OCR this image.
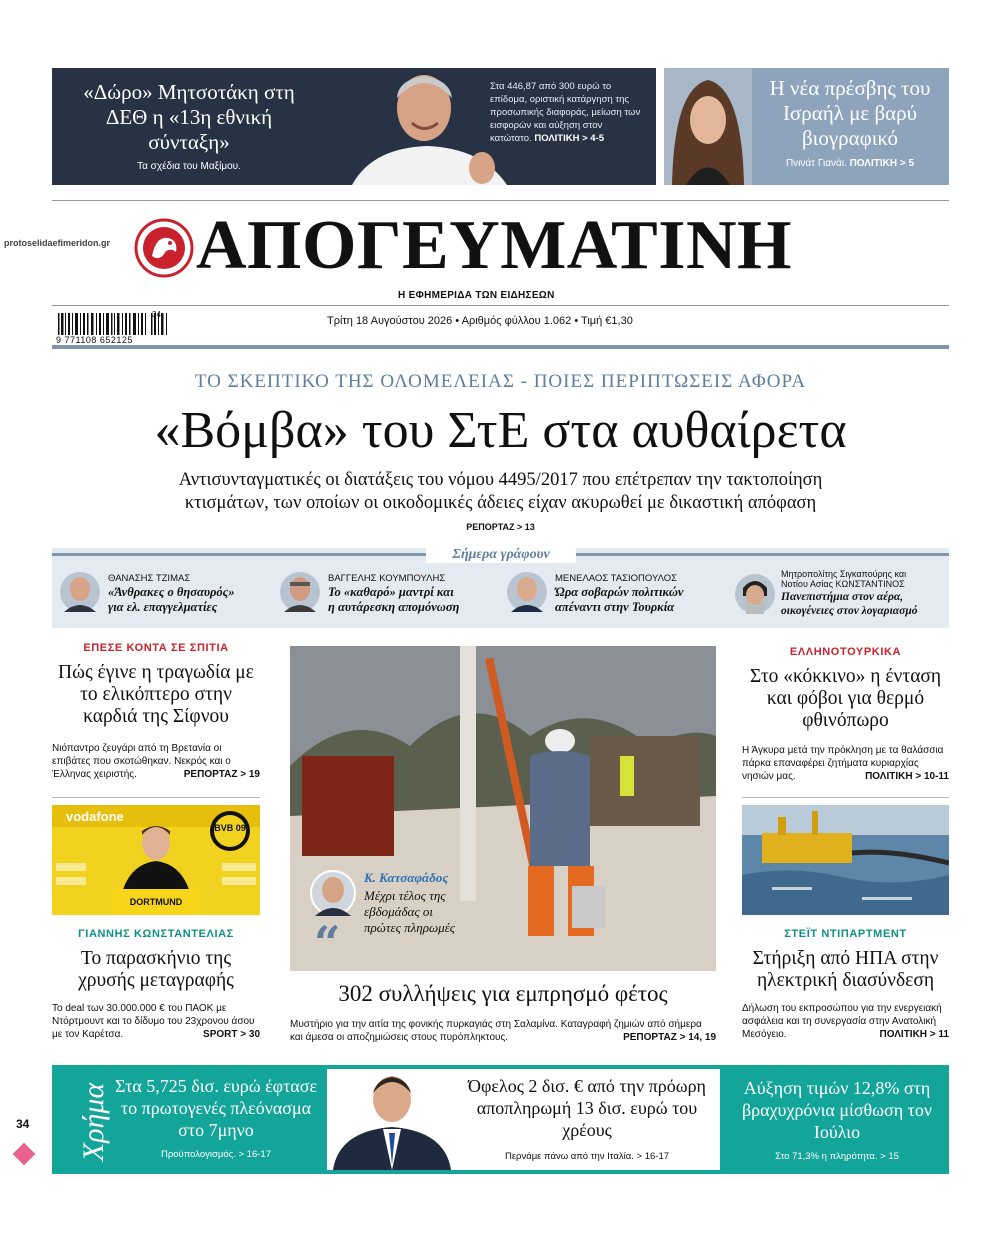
protoselidaefimeridon.gr
34
«Δώρο» Μητσοτάκη στη ΔΕΘ η «13η εθνική σύνταξη»
Τα σχέδια του Μαξίμου.
Στα 446,87 από 300 ευρώ το επίδομα, οριστική κατάργηση της προσωπικής διαφοράς, μείωση των εισφορών και αύξηση στον κατώτατο. ΠΟΛΙΤΙΚΗ > 4-5
Η νέα πρέσβης του Ισραήλ με βαρύ βιογραφικό
Πνινάτ Γιανάι. ΠΟΛΙΤΙΚΗ > 5
ΑΠΟΓΕΥΜΑΤΙΝΗ
Η ΕΦΗΜΕΡΙΔΑ ΤΩΝ ΕΙΔΗΣΕΩΝ
34
9 771108 652125
Τρίτη 18 Αυγούστου 2026 • Αριθμός φύλλου 1.062 • Τιμή €1,30
ΤΟ ΣΚΕΠΤΙΚΟ ΤΗΣ ΟΛΟΜΕΛΕΙΑΣ - ΠΟΙΕΣ ΠΕΡΙΠΤΩΣΕΙΣ ΑΦΟΡΑ
«Βόμβα» του ΣτΕ στα αυθαίρετα
Αντισυνταγματικές οι διατάξεις του νόμου 4495/2017 που επέτρεπαν την τακτοποίηση
κτισμάτων, των οποίων οι οικοδομικές άδειες είχαν ακυρωθεί με δικαστική απόφαση
ΡΕΠΟΡΤΑΖ > 13
Σήμερα γράφουν
ΘΑΝΑΣΗΣ ΤΖΙΜΑΣ
«Άνθρακες ο θησαυρός»
για ελ. επαγγελματίες
ΒΑΓΓΕΛΗΣ ΚΟΥΜΠΟΥΛΗΣ
Το «καθαρό» μαντρί και
η αυτάρεσκη απομόνωση
ΜΕΝΕΛΑΟΣ ΤΑΣΙΟΠΟΥΛΟΣ
Ώρα σοβαρών πολιτικών
απέναντι στην Τουρκία
Μητροπολίτης Σιγκαπούρης και
Νοτίου Ασίας ΚΩΝΣΤΑΝΤΙΝΟΣ
Πανεπιστήμια στον αέρα,
οικογένειες στον λογαριασμό
ΕΠΕΣΕ ΚΟΝΤΑ ΣΕ ΣΠΙΤΙΑ
Πώς έγινε η τραγωδία με το ελικόπτερο στην καρδιά της Σίφνου
Νιόπαντρο ζευγάρι από τη Βρετανία οι επιβάτες που σκοτώθηκαν. Νεκρός και ο Έλληνας χειριστής.	ΡΕΠΟΡΤΑΖ > 19
vodafone
BVB 09
DORTMUND
ΓΙΑΝΝΗΣ ΚΩΝΣΤΑΝΤΕΛΙΑΣ
Το παρασκήνιο της χρυσής μεταγραφής
Το deal των 30.000.000 € του ΠΑΟΚ με Ντόρτμουντ και το δίδυμο του 23χρονου άσου με τον Καρέτσα.	SPORT > 30
“
Κ. Κατσαφάδος
Μέχρι τέλος της εβδομάδας οι πρώτες πληρωμές
302 συλλήψεις για εμπρησμό φέτος
Μυστήριο για την αιτία της φονικής πυρκαγιάς στη Σαλαμίνα. Καταγραφή ζημιών από σήμερα και άμεσα οι αποζημιώσεις στους πυρόπληκτους.	ΡΕΠΟΡΤΑΖ > 14, 19
ΕΛΛΗΝΟΤΟΥΡΚΙΚΑ
Στο «κόκκινο» η ένταση και φόβοι για θερμό φθινόπωρο
Η Άγκυρα μετά την πρόκληση με τα θαλάσσια πάρκα επαναφέρει ζητήματα κυριαρχίας νησιών μας.	ΠΟΛΙΤΙΚΗ > 10-11
ΣΤΕΪΤ ΝΤΙΠΑΡΤΜΕΝΤ
Στήριξη από ΗΠΑ στην ηλεκτρική διασύνδεση
Δήλωση του εκπροσώπου για την ενεργειακή ασφάλεια και τη συνεργασία στην Ανατολική Μεσόγειο.	ΠΟΛΙΤΙΚΗ > 11
Χρήμα Στα 5,725 δισ. ευρώ έφτασε το πρωτογενές πλεόνασμα στο 7μηνο
Προϋπολογισμός. > 16-17
Όφελος 2 δισ. € από την πρόωρη αποπληρωμή 13 δισ. ευρώ του χρέους
Περνάμε πάνω από την Ιταλία. > 16-17
Αύξηση τιμών 12,8% στη βραχυχρόνια μίσθωση τον Ιούλιο
Στο 71,3% η πληρότητα. > 15
